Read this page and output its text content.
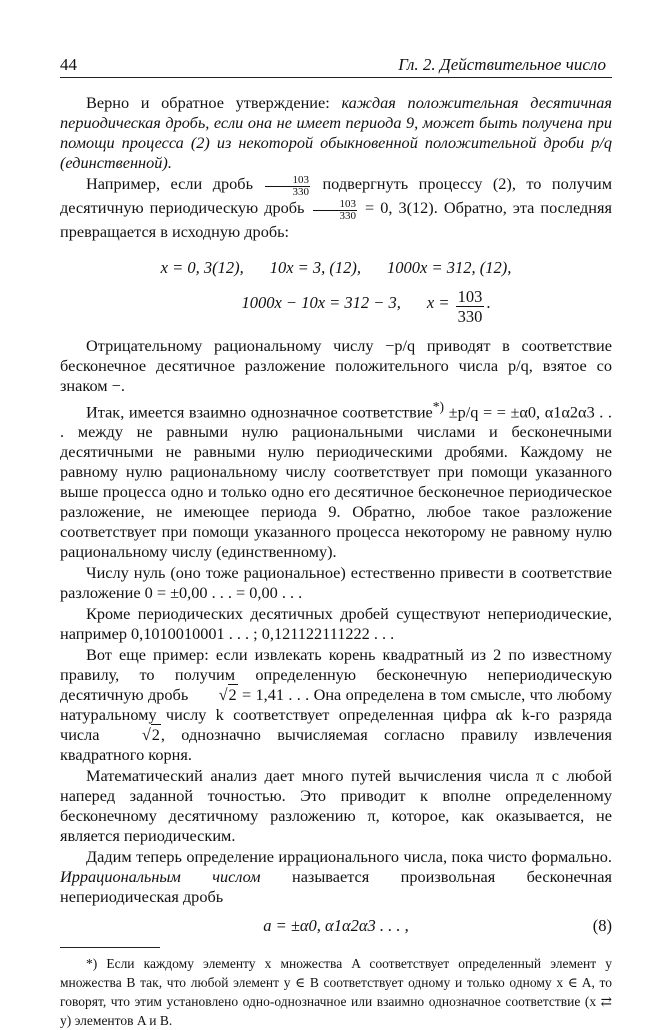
44	Гл. 2. Действительное число

Верно и обратное утверждение: каждая положительная десятичная периодическая дробь, если она не имеет периода 9, может быть получена при помощи процесса (2) из некоторой обыкновенной положительной дроби p/q (единственной).

Например, если дробь $\frac{103}{330}$ подвергнуть процессу (2), то получим десятичную периодическую дробь $\frac{103}{330} = 0$, 3(12). Обратно, эта последняя превращается в исходную дробь:

x = 0, 3(12), 10x = 3, (12), 1000x = 312, (12),
1000x − 10x = 312 − 3, $x = \frac{103}{330}$ .

Отрицательному рациональному числу −p/q приводят в соответствие бесконечное десятичное разложение положительного числа p/q, взятое со знаком −.

Итак, имеется взаимно однозначное соответствие*) ±p/q = = ±α0, α1α2α3 . . . между не равными нулю рациональными числами и бесконечными десятичными не равными нулю периодическими дробями. Каждому не равному нулю рациональному числу соответствует при помощи указанного выше процесса одно и только одно его десятичное бесконечное периодическое разложение, не имеющее периода 9. Обратно, любое такое разложение соответствует при помощи указанного процесса некоторому не равному нулю рациональному числу (единственному).

Числу нуль (оно тоже рациональное) естественно привести в соответствие разложение 0 = ±0,00 . . . = 0,00 . . .

Кроме периодических десятичных дробей существуют непериодические, например 0,1010010001 . . . ; 0,121122111222 . . .

Вот еще пример: если извлекать корень квадратный из 2 по известному правилу, то получим определенную бесконечную непериодическую десятичную дробь √2 = 1,41 . . . Она определена в том смысле, что любому натуральному числу k соответствует определенная цифра αk k-го разряда числа √2, однозначно вычисляемая согласно правилу извлечения квадратного корня.

Математический анализ дает много путей вычисления числа π с любой наперед заданной точностью. Это приводит к вполне определенному бесконечному десятичному разложению π, которое, как оказывается, не является периодическим.

Дадим теперь определение иррационального числа, пока чисто формально. Иррациональным числом называется произвольная бесконечная непериодическая дробь

a = ±α0, α1α2α3 . . . ,	(8)
*) Если каждому элементу x множества A соответствует определенный элемент y множества B так, что любой элемент y ∈ B соответствует одному и только одному x ∈ A, то говорят, что этим установлено одно-однозначное или взаимно однозначное соответствие (x ⇄ y) элементов A и B.
